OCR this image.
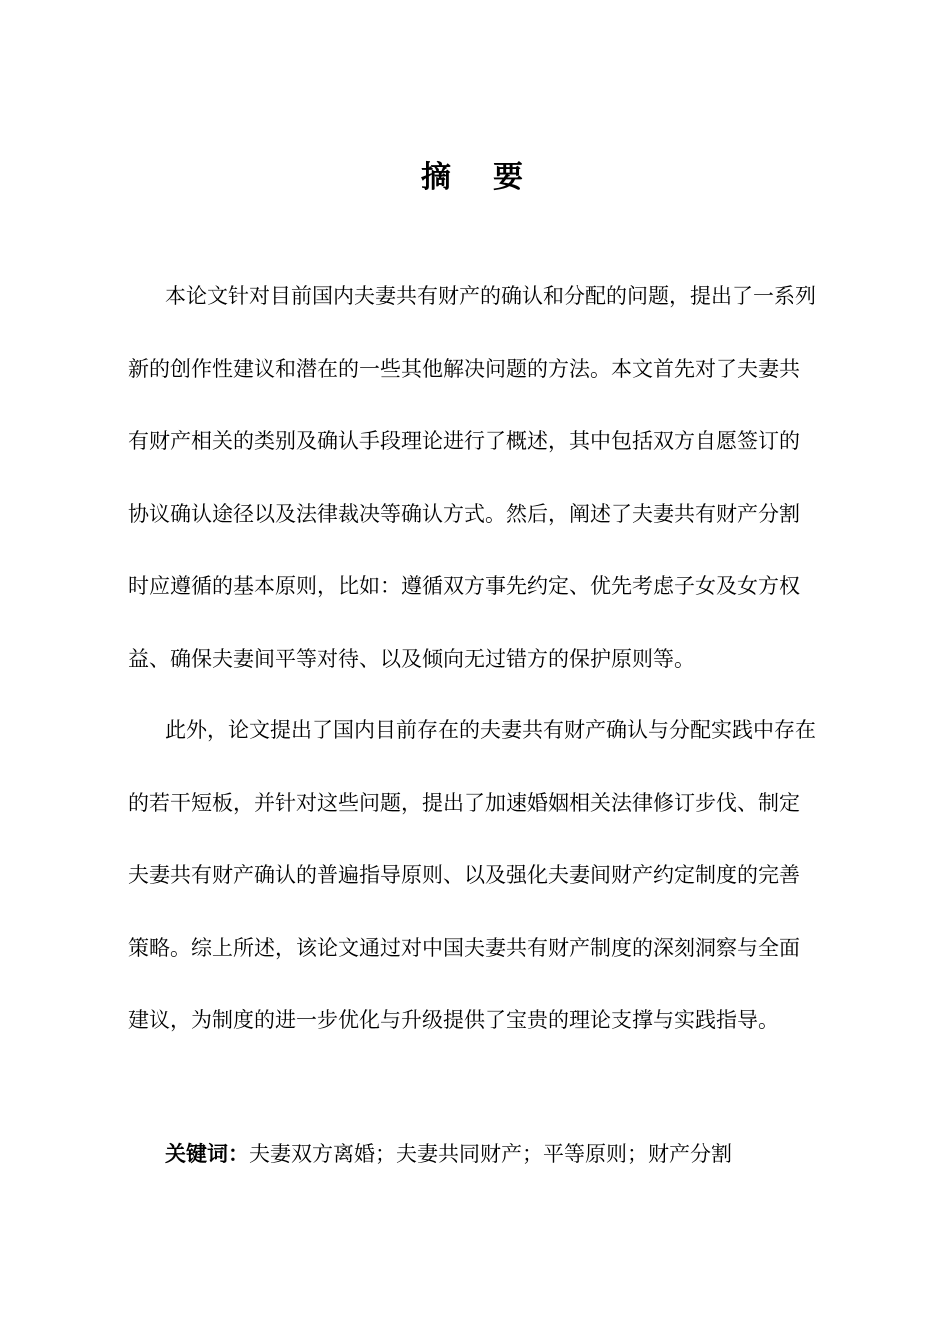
摘要
本论文针对目前国内夫妻共有财产的确认和分配的问题，提出了一系列
新的创作性建议和潜在的一些其他解决问题的方法。本文首先对了夫妻共
有财产相关的类别及确认手段理论进行了概述，其中包括双方自愿签订的
协议确认途径以及法律裁决等确认方式。然后，阐述了夫妻共有财产分割
时应遵循的基本原则，比如：遵循双方事先约定、优先考虑子女及女方权
益、确保夫妻间平等对待、以及倾向无过错方的保护原则等。
此外，论文提出了国内目前存在的夫妻共有财产确认与分配实践中存在
的若干短板，并针对这些问题，提出了加速婚姻相关法律修订步伐、制定
夫妻共有财产确认的普遍指导原则、以及强化夫妻间财产约定制度的完善
策略。综上所述，该论文通过对中国夫妻共有财产制度的深刻洞察与全面
建议，为制度的进一步优化与升级提供了宝贵的理论支撑与实践指导。
关键词：夫妻双方离婚；夫妻共同财产；平等原则；财产分割
